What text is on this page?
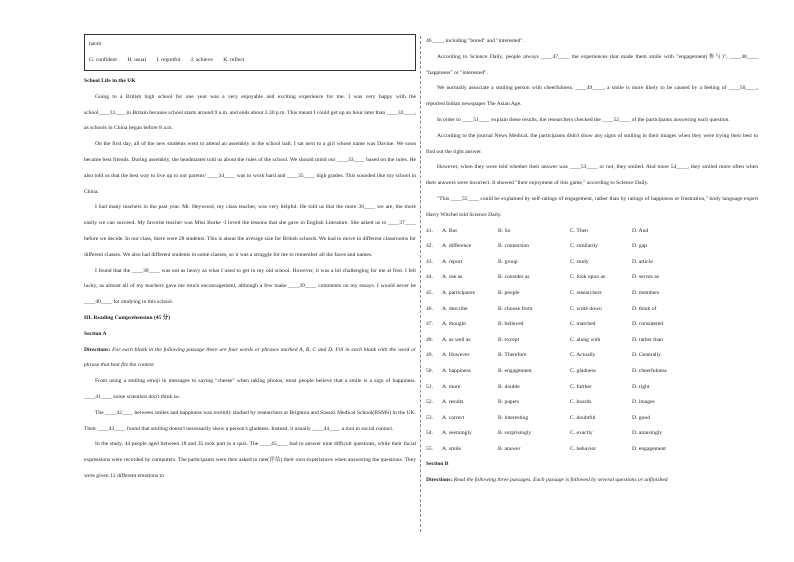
harsh
G. confident H. usual I. regretful J. achieve K. reflect
School Life in the UK
Going to a British high school for one year was a very enjoyable and exciting experience for me. I was very happy with the school____31____in Britain because school starts around 9 a.m. and ends about 3.30 p.m. This meant I could get up an hour later than ____32____, as schools in China began before 8 a.m.
On the first day, all of the new students went to attend an assembly in the school hall. I sat next to a girl whose name was Davine. We soon became best friends. During assembly, the headmaster told us about the rules of the school. We should mind our ____33____ based on the rules. He also told us that the best way to live up to our parents' ____34____ was to work hard and ____35____ high grades. This sounded like my school in China.
I had many teachers in the past year. Mr. Heywood, my class teacher, was very helpful. He told us that the more 36____ we are, the more easily we can succeed. My favorite teacher was Miss Burke -I loved the lessons that she gave in English Literature. She asked us to ____37____ before we decide. In our class, there were 28 students. This is about the average size for British schools. We had to move to different classrooms for different classes. We also had different students in some classes, so it was a struggle for me to remember all the faces and names.
I found that the ____38____ was not as heavy as what I used to get in my old school. However, it was a bit challenging for me at first. I felt lucky, as almost all of my teachers gave me much encouragement, although a few make ____39____ comments on my essays. I would never be ____40____ for studying in this school.
III. Reading Comprehension (45 分)
Section A
Directions: For each blank in the following passage there are four words or phrases marked A, B, C and D. Fill in each blank with the word or phrase that best fits the context
From using a smiling emoji in messages to saying "cheese" when taking photos, most people believe that a smile is a sign of happiness. ____41____ some scientists don't think so.
The ____42____ between smiles and happiness was recently studied by researchers at Brighton and Sussex Medical School(BSMS) in the UK. Their ____43____ found that smiling doesn't necessarily show a person's gladness. Instead, it usually ____44____ a tool in social contact.
In the study, 44 people aged between 18 and 35 took part in a quiz. The ____45____ had to answer nine difficult questions, while their facial expressions were recorded by computers. The participants were then asked to rate(评估) their own experiences when answering the questions. They were given 12 different emotions to
46____, including "bored" and "interested".
According to Science Daily, people always ____47____ the experiences that made them smile with "engagement(参与)", ____48____ "happiness" or "interested".
We normally associate a smiling person with cheerfulness. ____49____, a smile is more likely to be caused by a feeling of ____50____, reported Indian newspaper The Asian Age.
In order to ____51____ explain these results, the researchers checked the ____52____ of the participants answering each question.
According to the journal News Medical, the participants didn't show any signs of smiling in their images when they were trying their best to find out the right answer.
However, when they were told whether their answer was ____53____ or not, they smiled. And more 54____, they smiled more often when their answers were incorrect. It showed "their enjoyment of this game," according to Science Daily.
"This ____55____ could be explained by self-ratings of engagement, rather than by ratings of happiness or frustration," body language expert Harry Witchel told Science Daily.
41.	A. But	B. So	C. Then	D. And
42.	A. difference	B. connection	C. similarity	D. gap
43.	A. report	B. group	C. study	D. article
44.	A. use as	B. consider as	C. look upon as	D. serves as
45.	A. participants	B. people	C. researchers	D. members
46.	A. describe	B. choose from	C. write down	D. think of
47.	A. thought	B. believed	C. matched	D. considered
48.	A. as well as	B. except	C. along with	D. rather than
49.	A. However	B. Therefore	C. Actually	D. Generally
50.	A. happiness	B. engagement	C. gladness	D. cheerfulness
51.	A. more	B. double	C. further	D. right
52.	A. results	B. papers	C. boards	D. images
53.	A. correct	B. interesting	C. doubtful	D. good
54.	A. seemingly	B. surprisingly	C. exactly	D. amusingly
55.	A. smile	B. answer	C. behavior	D. engagement
Section B
Directions: Read the following three passages. Each passage is followed by several questions or unfinished
